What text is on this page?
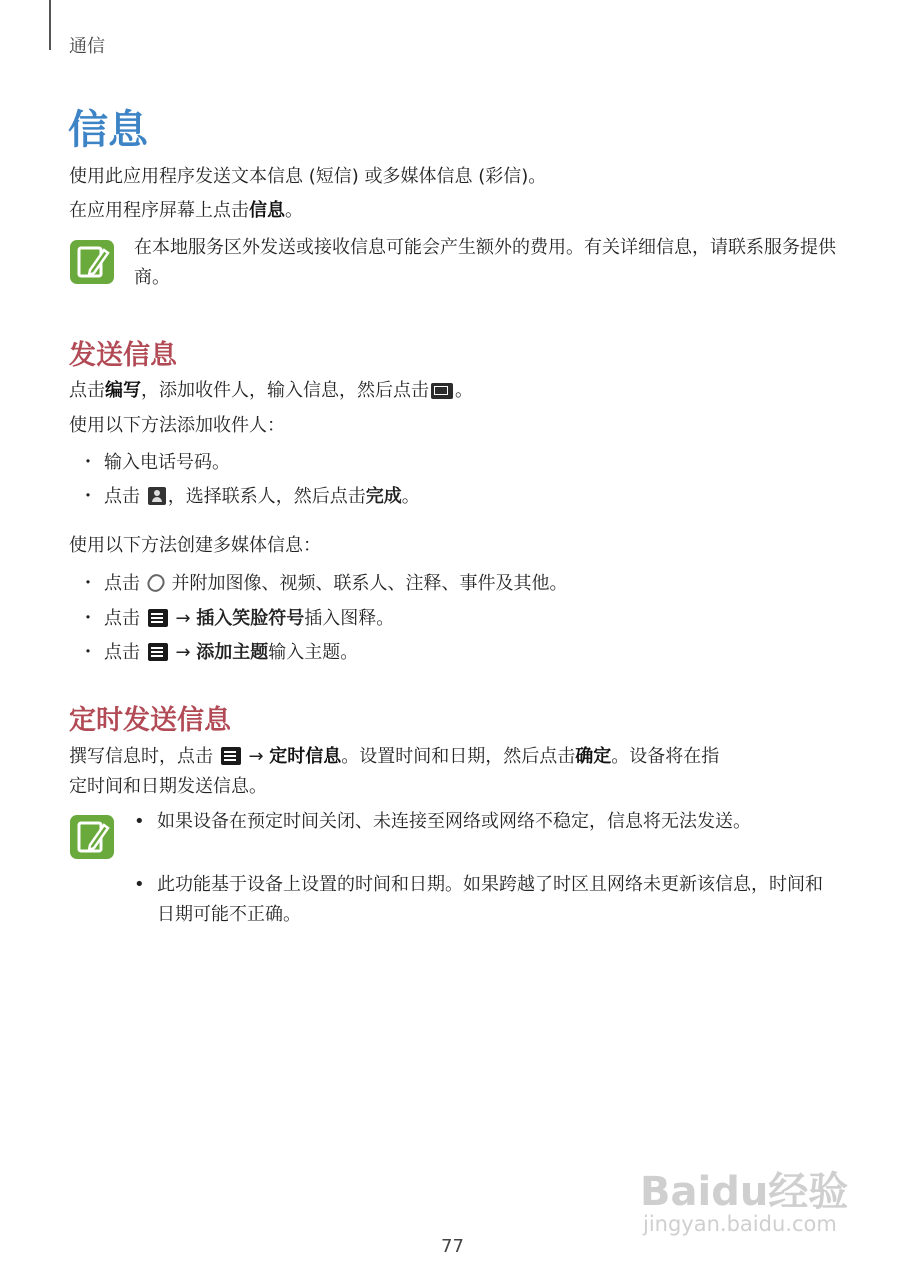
通信
信息
使用此应用程序发送文本信息 (短信) 或多媒体信息 (彩信)。
在应用程序屏幕上点击信息。
在本地服务区外发送或接收信息可能会产生额外的费用。有关详细信息，请联系服务提供商。
发送信息
点击编写，添加收件人，输入信息，然后点击 。
使用以下方法添加收件人：
・ 输入电话号码。
・ 点击 ，选择联系人，然后点击完成。
使用以下方法创建多媒体信息：
・ 点击 并附加图像、视频、联系人、注释、事件及其他。
・ 点击 → 插入笑脸符号插入图释。
・ 点击 → 添加主题输入主题。
定时发送信息
撰写信息时，点击 → 定时信息。设置时间和日期，然后点击确定。设备将在指
定时间和日期发送信息。
• 如果设备在预定时间关闭、未连接至网络或网络不稳定，信息将无法发送。
• 此功能基于设备上设置的时间和日期。如果跨越了时区且网络未更新该信息，时间和日期可能不正确。
Baidu经验
jingyan.baidu.com
77
